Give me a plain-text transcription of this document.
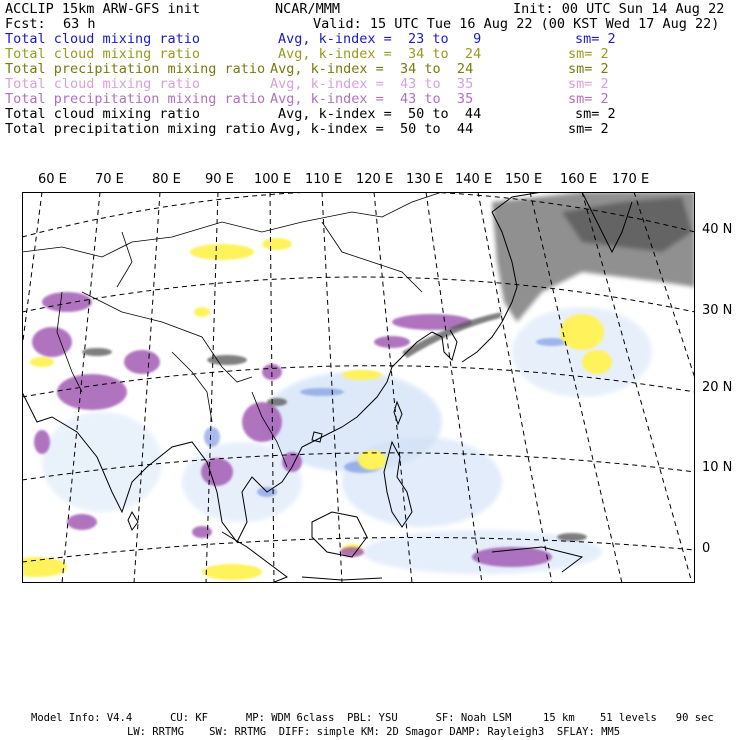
ACCLIP 15km ARW-GFS init	NCAR/MMM	Init: 00 UTC Sun 14 Aug 22
Fcst: 63 h	Valid: 15 UTC Tue 16 Aug 22 (00 KST Wed 17 Aug 22)
Total cloud mixing ratio	Avg, k-index =  23 to   9	sm= 2
Total cloud mixing ratio	Avg, k-index =  34 to  24	sm= 2
Total precipitation mixing ratio Avg, k-index =  34 to  24	sm= 2
Total cloud mixing ratio	Avg, k-index =  43 to  35	sm= 2
Total precipitation mixing ratio Avg, k-index =  43 to  35	sm= 2
Total cloud mixing ratio	Avg, k-index =  50 to  44	sm= 2
Total precipitation mixing ratio Avg, k-index =  50 to  44	sm= 2
60 E 70 E 80 E 90 E 100 E 110 E 120 E 130 E 140 E 150 E 160 E 170 E
40 N
30 N
20 N
10 N
0
Model Info: V4.4      CU: KF      MP: WDM 6class  PBL: YSU      SF: Noah LSM     15 km    51 levels   90 sec
LW: RRTMG    SW: RRTMG  DIFF: simple KM: 2D Smagor DAMP: Rayleigh3  SFLAY: MM5
